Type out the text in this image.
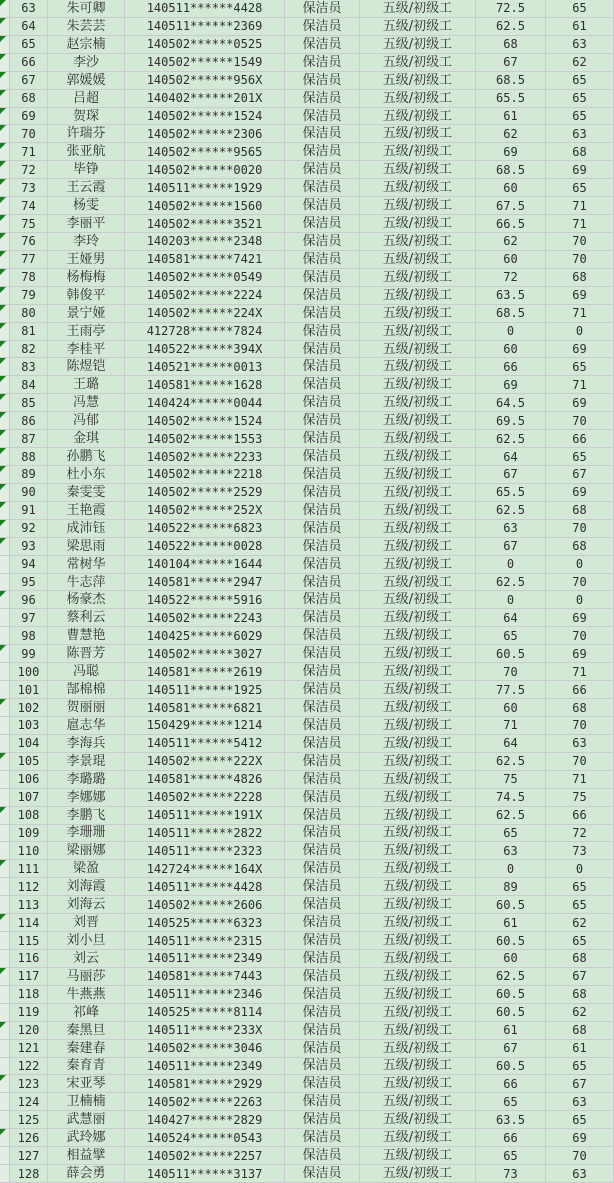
63	朱可卿	140511******4428	保洁员	五级/初级工	72.5	65
64	朱芸芸	140511******2369	保洁员	五级/初级工	62.5	61
65	赵宗楠	140502******0525	保洁员	五级/初级工	68	63
66	李沙	140502******1549	保洁员	五级/初级工	67	62
67	郭媛媛	140502******956X	保洁员	五级/初级工	68.5	65
68	吕超	140402******201X	保洁员	五级/初级工	65.5	65
69	贺琛	140502******1524	保洁员	五级/初级工	61	65
70	许瑞芬	140502******2306	保洁员	五级/初级工	62	63
71	张亚航	140502******9565	保洁员	五级/初级工	69	68
72	毕铮	140502******0020	保洁员	五级/初级工	68.5	69
73	王云霞	140511******1929	保洁员	五级/初级工	60	65
74	杨雯	140502******1560	保洁员	五级/初级工	67.5	71
75	李丽平	140502******3521	保洁员	五级/初级工	66.5	71
76	李玲	140203******2348	保洁员	五级/初级工	62	70
77	王娅男	140581******7421	保洁员	五级/初级工	60	70
78	杨梅梅	140502******0549	保洁员	五级/初级工	72	68
79	韩俊平	140502******2224	保洁员	五级/初级工	63.5	69
80	景宁娅	140502******224X	保洁员	五级/初级工	68.5	71
81	王雨亭	412728******7824	保洁员	五级/初级工	0	0
82	李桂平	140522******394X	保洁员	五级/初级工	60	69
83	陈煜铠	140521******0013	保洁员	五级/初级工	66	65
84	王璐	140581******1628	保洁员	五级/初级工	69	71
85	冯慧	140424******0044	保洁员	五级/初级工	64.5	69
86	冯郁	140502******1524	保洁员	五级/初级工	69.5	70
87	金琪	140502******1553	保洁员	五级/初级工	62.5	66
88	孙鹏飞	140502******2233	保洁员	五级/初级工	64	65
89	杜小东	140502******2218	保洁员	五级/初级工	67	67
90	秦雯雯	140502******2529	保洁员	五级/初级工	65.5	69
91	王艳霞	140502******252X	保洁员	五级/初级工	62.5	68
92	成沛钰	140522******6823	保洁员	五级/初级工	63	70
93	梁思雨	140522******0028	保洁员	五级/初级工	67	68
94	常树华	140104******1644	保洁员	五级/初级工	0	0
95	牛志萍	140581******2947	保洁员	五级/初级工	62.5	70
96	杨豪杰	140522******5916	保洁员	五级/初级工	0	0
97	蔡利云	140502******2243	保洁员	五级/初级工	64	69
98	曹慧艳	140425******6029	保洁员	五级/初级工	65	70
99	陈晋芳	140502******3027	保洁员	五级/初级工	60.5	69
100	冯聪	140581******2619	保洁员	五级/初级工	70	71
101	郜棉棉	140511******1925	保洁员	五级/初级工	77.5	66
102	贺丽丽	140581******6821	保洁员	五级/初级工	60	68
103	扈志华	150429******1214	保洁员	五级/初级工	71	70
104	李海兵	140511******5412	保洁员	五级/初级工	64	63
105	李景琨	140502******222X	保洁员	五级/初级工	62.5	70
106	李璐璐	140581******4826	保洁员	五级/初级工	75	71
107	李娜娜	140502******2228	保洁员	五级/初级工	74.5	75
108	李鹏飞	140511******191X	保洁员	五级/初级工	62.5	66
109	李珊珊	140511******2822	保洁员	五级/初级工	65	72
110	梁丽娜	140511******2323	保洁员	五级/初级工	63	73
111	梁盈	142724******164X	保洁员	五级/初级工	0	0
112	刘海霞	140511******4428	保洁员	五级/初级工	89	65
113	刘海云	140502******2606	保洁员	五级/初级工	60.5	65
114	刘晋	140525******6323	保洁员	五级/初级工	61	62
115	刘小旦	140511******2315	保洁员	五级/初级工	60.5	65
116	刘云	140511******2349	保洁员	五级/初级工	60	68
117	马丽莎	140581******7443	保洁员	五级/初级工	62.5	67
118	牛燕燕	140511******2346	保洁员	五级/初级工	60.5	68
119	祁峰	140525******8114	保洁员	五级/初级工	60.5	62
120	秦黑旦	140511******233X	保洁员	五级/初级工	61	68
121	秦建春	140502******3046	保洁员	五级/初级工	67	61
122	秦育青	140511******2349	保洁员	五级/初级工	60.5	65
123	宋亚琴	140581******2929	保洁员	五级/初级工	66	67
124	卫楠楠	140502******2263	保洁员	五级/初级工	65	63
125	武慧丽	140427******2829	保洁员	五级/初级工	63.5	65
126	武玲娜	140524******0543	保洁员	五级/初级工	66	69
127	相益擘	140502******2257	保洁员	五级/初级工	65	70
128	薛会勇	140511******3137	保洁员	五级/初级工	73	63
